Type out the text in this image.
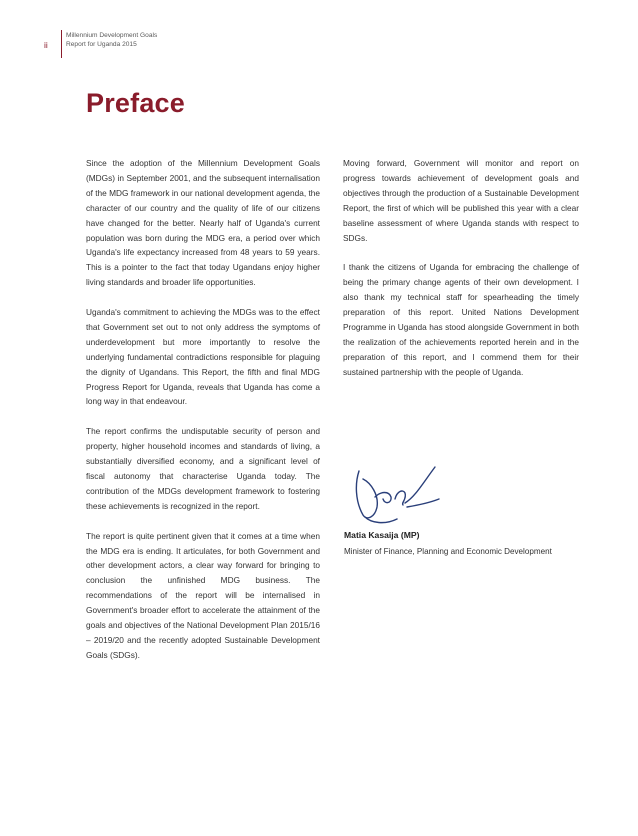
ii
Millennium Development Goals
Report for Uganda 2015
Preface

Since the adoption of the Millennium Development Goals (MDGs) in September 2001, and the subsequent internalisation of the MDG framework in our national development agenda, the character of our country and the quality of life of our citizens have changed for the better. Nearly half of Uganda's current population was born during the MDG era, a period over which Uganda's life expectancy increased from 48 years to 59 years. This is a pointer to the fact that today Ugandans enjoy higher living standards and broader life opportunities.

Uganda's commitment to achieving the MDGs was to the effect that Government set out to not only address the symptoms of underdevelopment but more importantly to resolve the underlying fundamental contradictions responsible for plaguing the dignity of Ugandans. This Report, the fifth and final MDG Progress Report for Uganda, reveals that Uganda has come a long way in that endeavour.

The report confirms the undisputable security of person and property, higher household incomes and standards of living, a substantially diversified economy, and a significant level of fiscal autonomy that characterise Uganda today. The contribution of the MDGs development framework to fostering these achievements is recognized in the report.

The report is quite pertinent given that it comes at a time when the MDG era is ending. It articulates, for both Government and other development actors, a clear way forward for bringing to conclusion the unfinished MDG business. The recommendations of the report will be internalised in Government's broader effort to accelerate the attainment of the goals and objectives of the National Development Plan 2015/16 – 2019/20 and the recently adopted Sustainable Development Goals (SDGs).

Moving forward, Government will monitor and report on progress towards achievement of development goals and objectives through the production of a Sustainable Development Report, the first of which will be published this year with a clear baseline assessment of where Uganda stands with respect to SDGs.

I thank the citizens of Uganda for embracing the challenge of being the primary change agents of their own development. I also thank my technical staff for spearheading the timely preparation of this report. United Nations Development Programme in Uganda has stood alongside Government in both the realization of the achievements reported herein and in the preparation of this report, and I commend them for their sustained partnership with the people of Uganda.

Matia Kasaija (MP)
Minister of Finance, Planning and Economic Development
